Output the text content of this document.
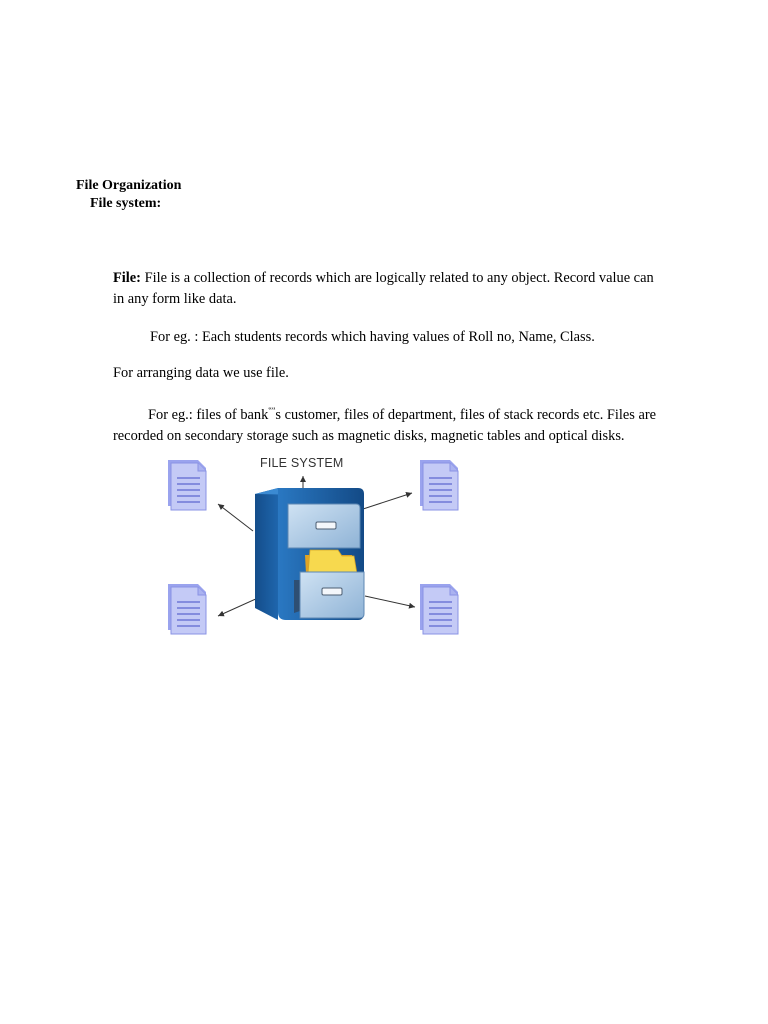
File Organization
File system:
File: File is a collection of records which are logically related to any object. Record value can
in any form like data.
For eg. : Each students records which having values of Roll no, Name, Class.
For arranging data we use file.
For eg.: files of bank‟‟s customer, files of department, files of stack records etc. Files are
recorded on secondary storage such as magnetic disks, magnetic tables and optical disks.
FILE SYSTEM
